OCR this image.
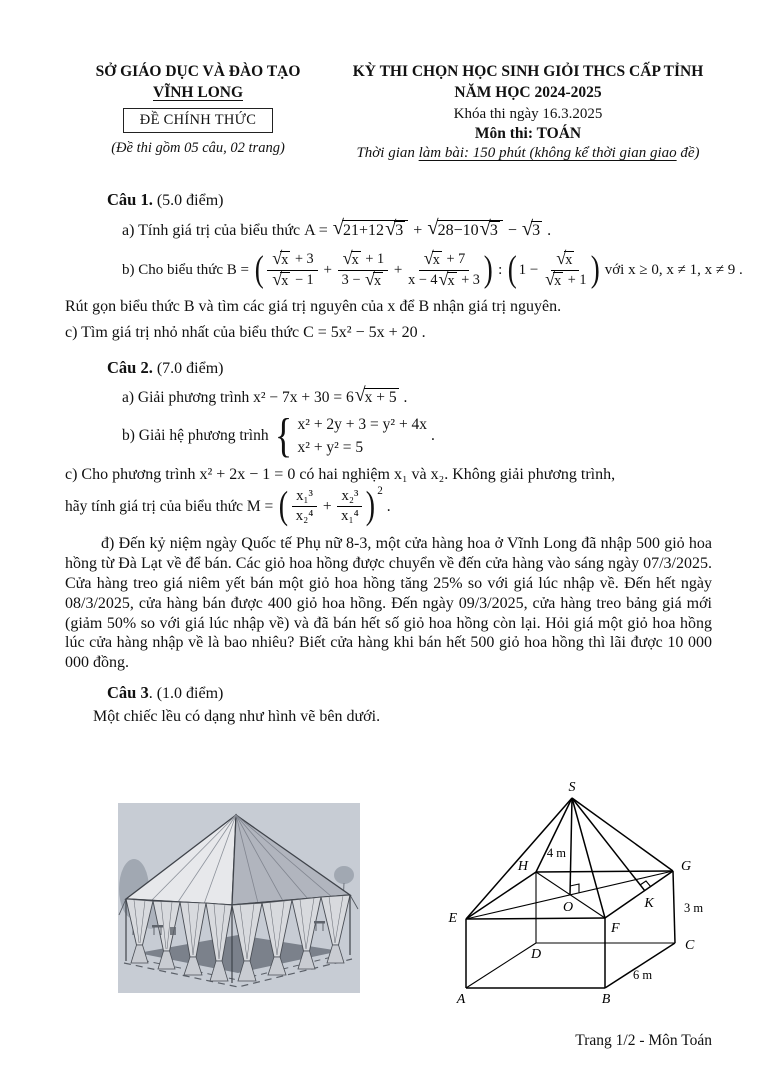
SỞ GIÁO DỤC VÀ ĐÀO TẠO
VĨNH LONG
ĐỀ CHÍNH THỨC
(Đề thi gồm 05 câu, 02 trang)
KỲ THI CHỌN HỌC SINH GIỎI THCS CẤP TỈNH
NĂM HỌC 2024-2025
Khóa thi ngày 16.3.2025
Môn thi: TOÁN
Thời gian làm bài: 150 phút (không kể thời gian giao đề)

Câu 1. (5.0 điểm)

a) Tính giá trị của biểu thức A = √ 21+12 √ 3 + √ 28−10 √ 3 − √ 3 .
b) Cho biểu thức B = ( √ x + 3
√ x − 1
+ $\frac{√ x + 1}{3 - √ x} + \frac{√ x + 7}{x - 4 √ x + 3}$ ) : ( $1 - \frac{√ x}{√ x + 1}$ ) với x ≥ 0, x ≠ 1, x ≠ 9 .

Rút gọn biểu thức B và tìm các giá trị nguyên của x để B nhận giá trị nguyên.

c) Tìm giá trị nhỏ nhất của biểu thức C = 5x² − 5x + 20 .

Câu 2. (7.0 điểm)

a) Giải phương trình x² − 7x + 30 = 6 √ x + 5 .
b) Giải hệ phương trình { x² + 2y + 3 = y² + 4x
x² + y² = 5
.

c) Cho phương trình x² + 2x − 1 = 0 có hai nghiệm x₁ và x₂. Không giải phương trình,

hãy tính giá trị của biểu thức M = ( x₁³
x₂⁴
+ $\frac{\text{x₂³}}{\text{x₁⁴}}$ ) 2
.

đ) Đến kỷ niệm ngày Quốc tế Phụ nữ 8-3, một cửa hàng hoa ở Vĩnh Long đã nhập 500 giỏ hoa hồng từ Đà Lạt về để bán. Các giỏ hoa hồng được chuyển về đến cửa hàng vào sáng ngày 07/3/2025. Cửa hàng treo giá niêm yết bán một giỏ hoa hồng tăng 25% so với giá lúc nhập về. Đến hết ngày 08/3/2025, cửa hàng bán được 400 giỏ hoa hồng. Đến ngày 09/3/2025, cửa hàng treo bảng giá mới (giảm 50% so với giá lúc nhập về) và đã bán hết số giỏ hoa hồng còn lại. Hỏi giá một giỏ hoa hồng lúc cửa hàng nhập về là bao nhiêu? Biết cửa hàng khi bán hết 500 giỏ hoa hồng thì lãi được 10 000 000 đồng.

Câu 3. (1.0 điểm)

Một chiếc lều có dạng như hình vẽ bên dưới.

S
H	G
E
F
O	K
A	B
C
D
4 m
3 m
6 m
Trang 1/2 - Môn Toán
